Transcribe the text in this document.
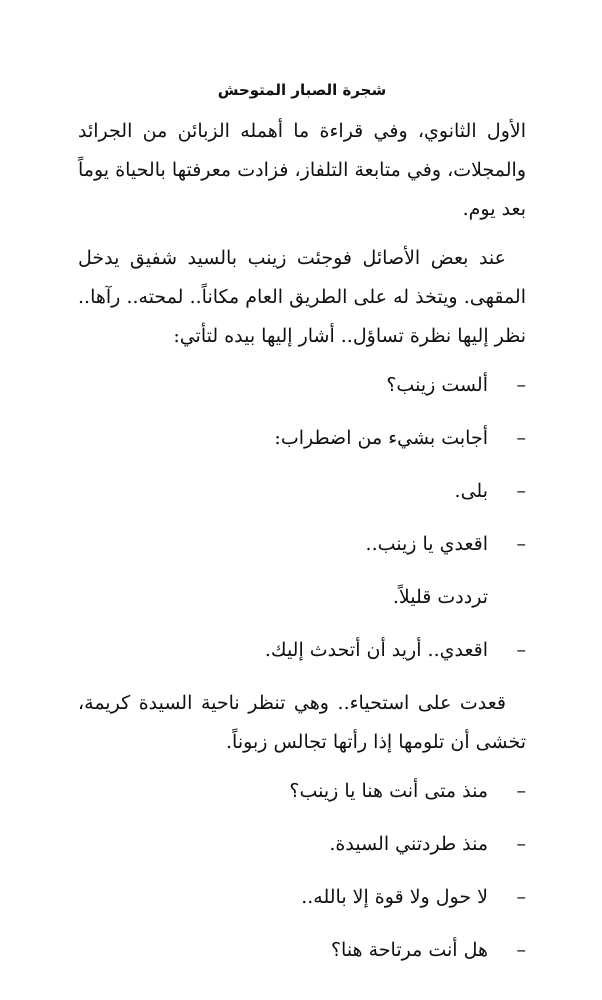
شجرة الصبار المتوحش

الأول الثانوي، وفي قراءة ما أهمله الزبائن من الجرائد والمجلات، وفي متابعة التلفاز، فزادت معرفتها بالحياة يوماً بعد يوم.

عند بعض الأصائل فوجئت زينب بالسيد شفيق يدخل المقهى. ويتخذ له على الطريق العام مكاناً.. لمحته.. رآها.. نظر إليها نظرة تساؤل.. أشار إليها بيده لتأتي:

–
ألست زينب؟
–
أجابت بشيء من اضطراب:
–
بلى.
–
اقعدي يا زينب..
ترددت قليلاً.
–
اقعدي.. أريد أن أتحدث إليك.

قعدت على استحياء.. وهي تنظر ناحية السيدة كريمة، تخشى أن تلومها إذا رأتها تجالس زبوناً.

–
منذ متى أنت هنا يا زينب؟
–
منذ طردتني السيدة.
–
لا حول ولا قوة إلا بالله..
–
هل أنت مرتاحة هنا؟
